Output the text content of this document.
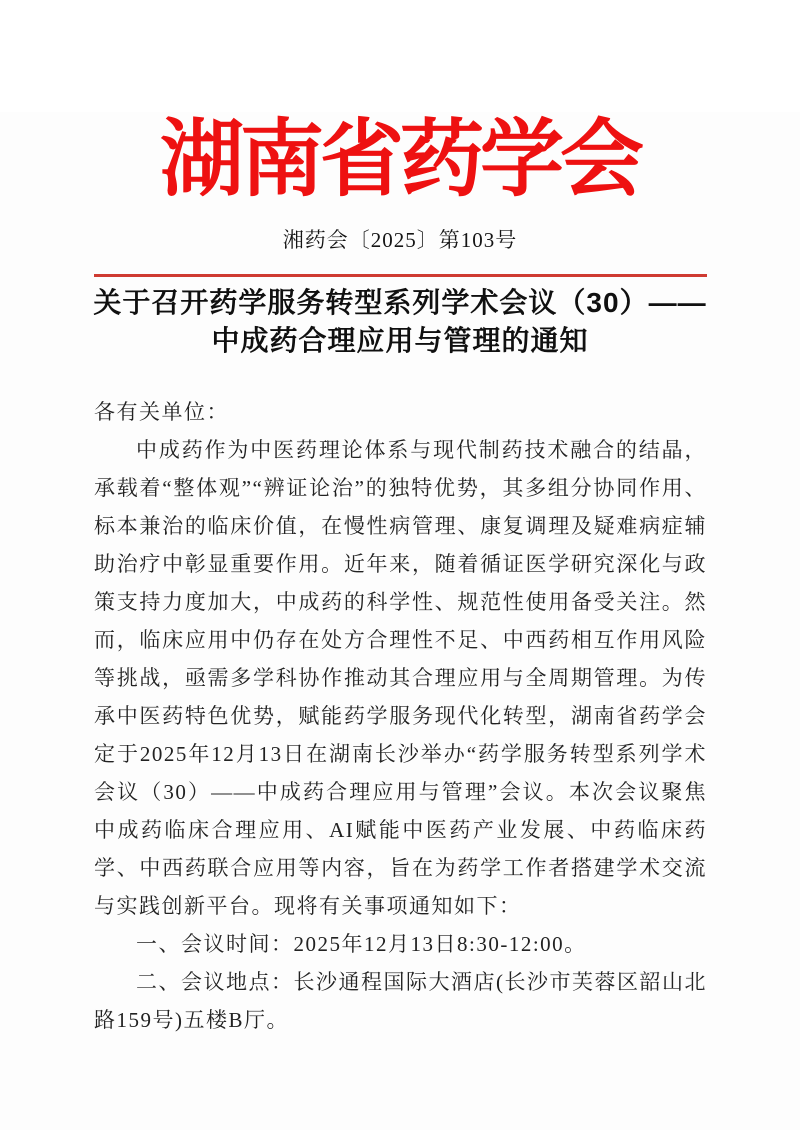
湖南省药学会
湘药会〔2025〕第103号
关于召开药学服务转型系列学术会议（30）——
中成药合理应用与管理的通知

各有关单位：

中成药作为中医药理论体系与现代制药技术融合的结晶，承载着“整体观”“辨证论治”的独特优势，其多组分协同作用、标本兼治的临床价值，在慢性病管理、康复调理及疑难病症辅助治疗中彰显重要作用。近年来，随着循证医学研究深化与政策支持力度加大，中成药的科学性、规范性使用备受关注。然而，临床应用中仍存在处方合理性不足、中西药相互作用风险等挑战，亟需多学科协作推动其合理应用与全周期管理。为传承中医药特色优势，赋能药学服务现代化转型，湖南省药学会定于2025年12月13日在湖南长沙举办“药学服务转型系列学术会议（30）——中成药合理应用与管理”会议。本次会议聚焦中成药临床合理应用、AI赋能中医药产业发展、中药临床药学、中西药联合应用等内容，旨在为药学工作者搭建学术交流与实践创新平台。现将有关事项通知如下：

一、会议时间：2025年12月13日8:30-12:00。

二、会议地点：长沙通程国际大酒店(长沙市芙蓉区韶山北路159号)五楼B厅。
